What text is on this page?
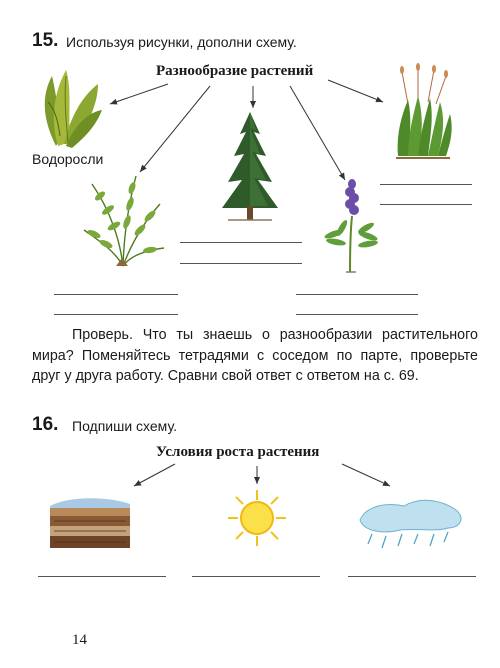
15. Используя рисунки, дополни схему.
Разнообразие растений
Водоросли
Проверь. Что ты знаешь о разнообразии растительного мира? Поменяйтесь тетрадями с соседом по парте, проверьте друг у друга работу. Сравни свой ответ с ответом на с. 69.
16. Подпиши схему.
Условия роста растения
14
